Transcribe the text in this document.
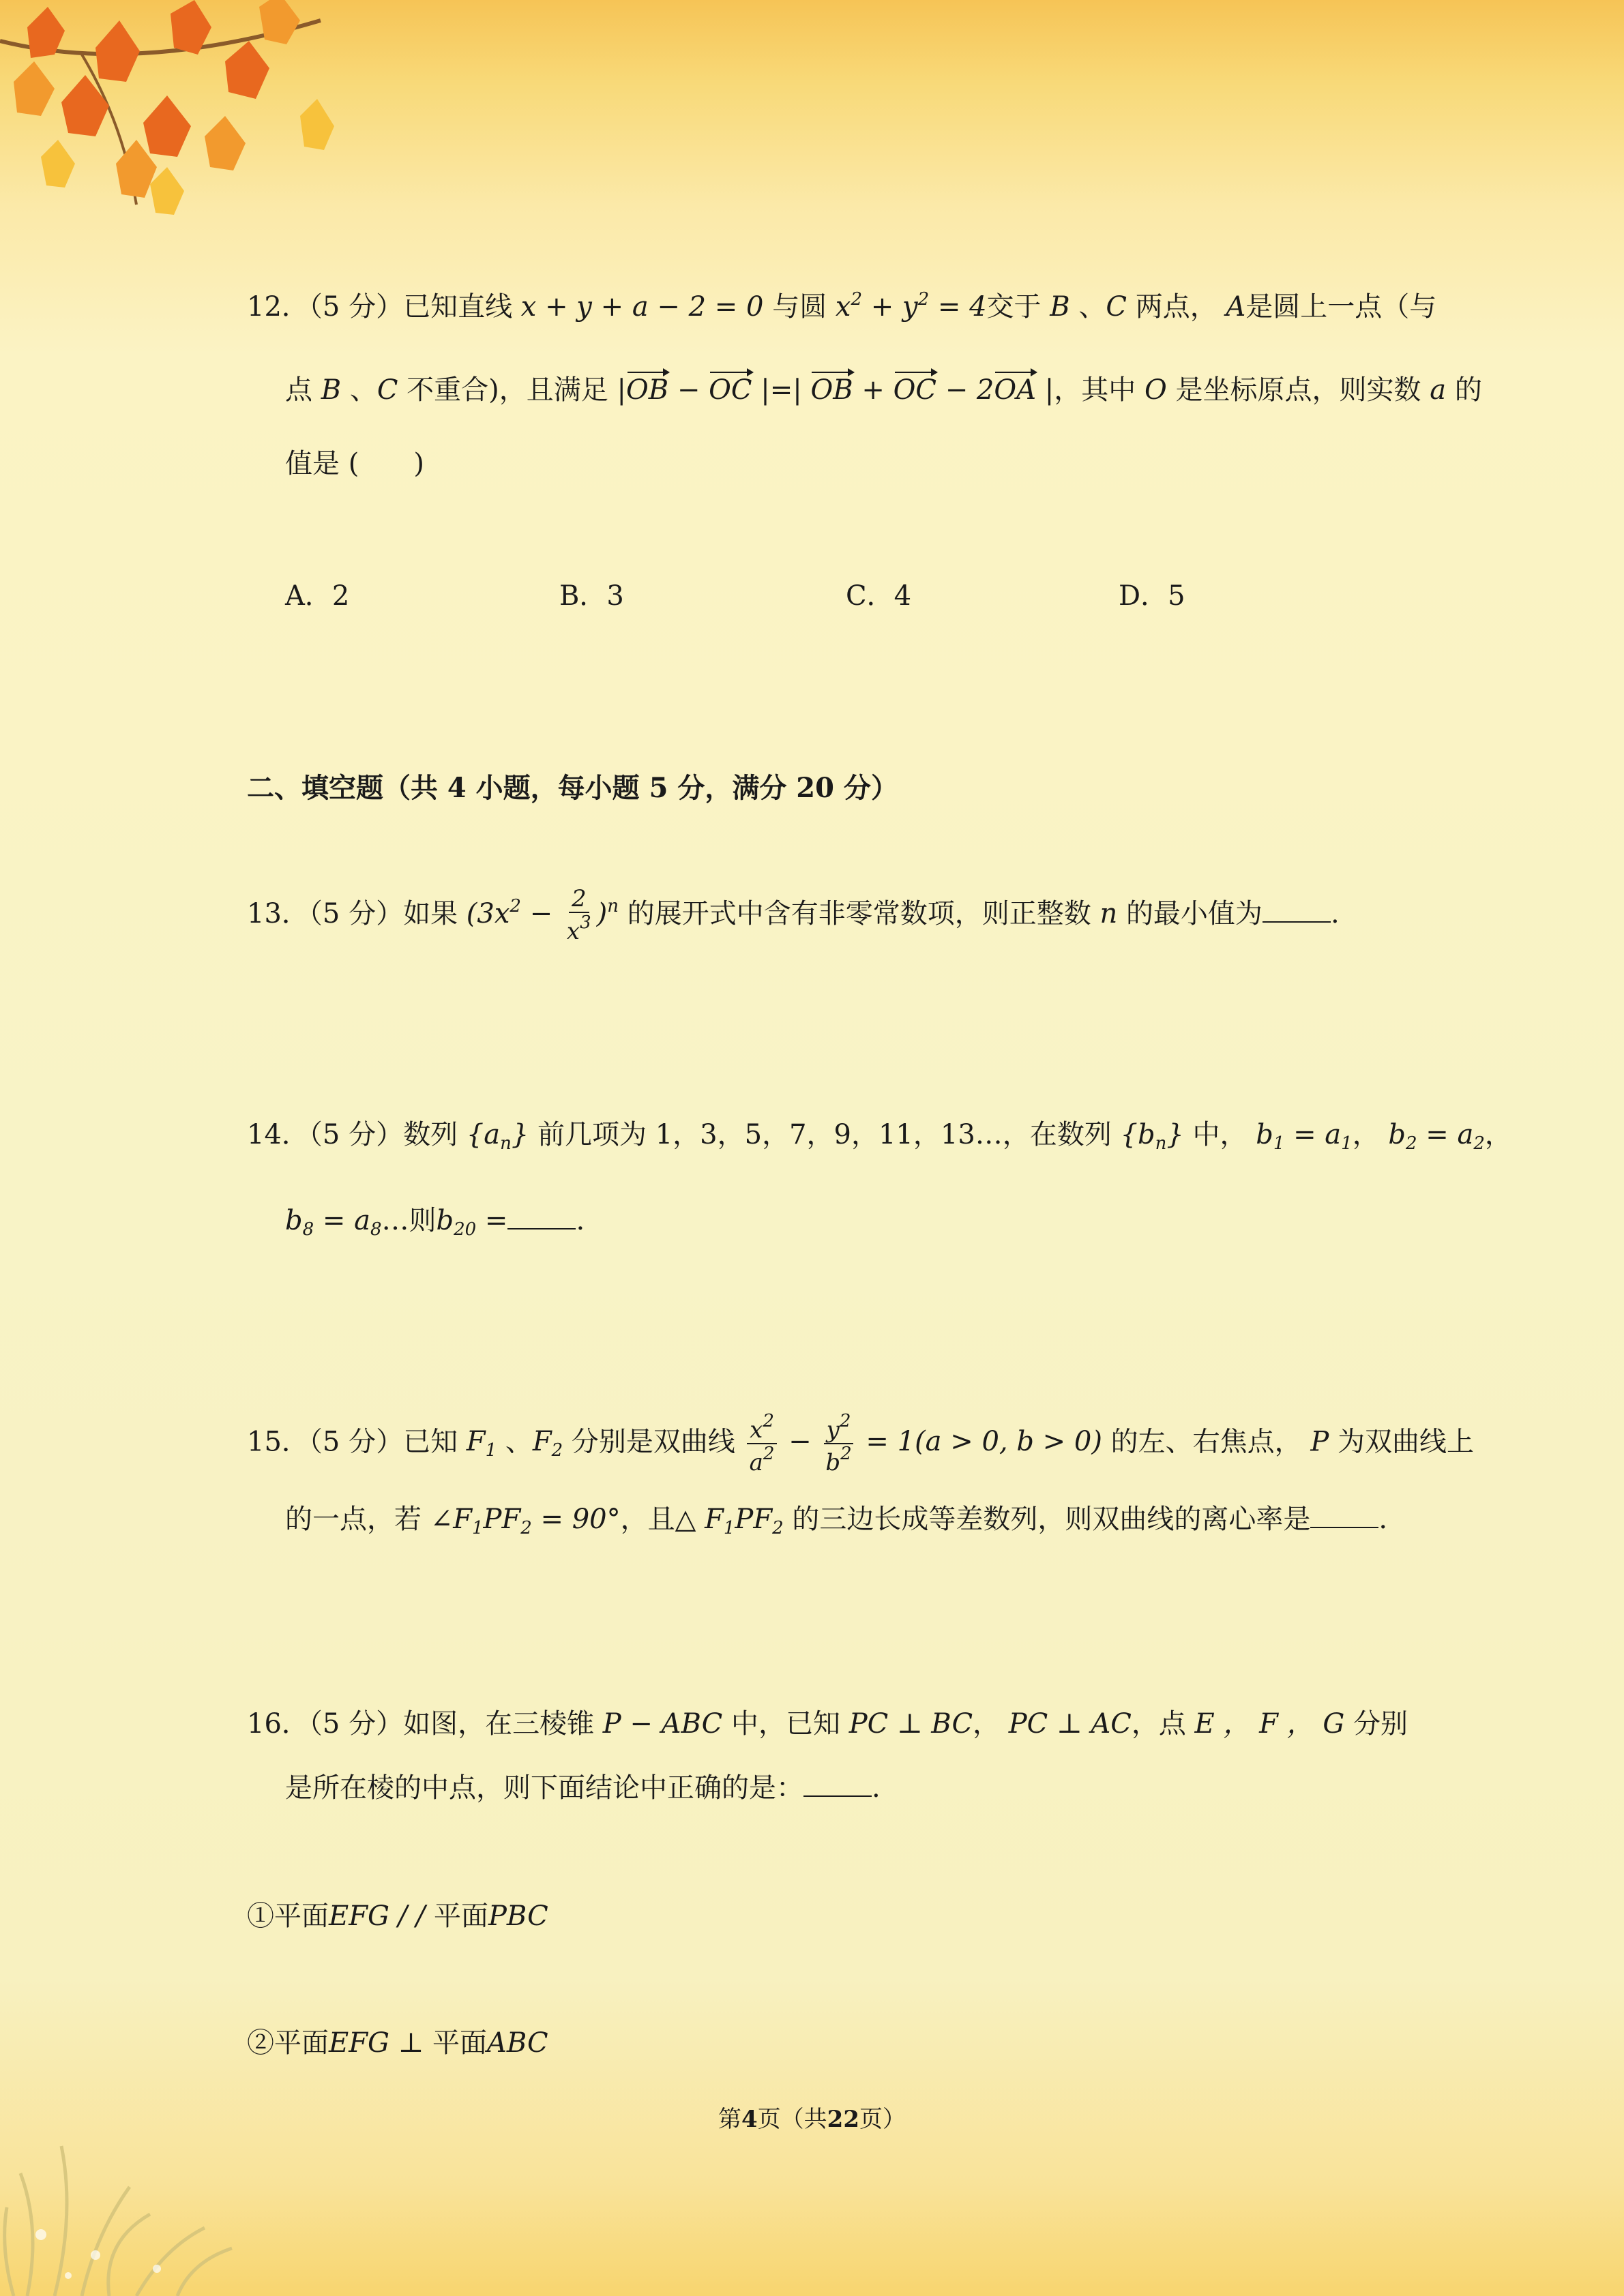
12．（5 分）已知直线 x + y + a − 2 = 0 与圆 $x^2 + y^2 = 4$交于 B 、C 两点， A是圆上一点（与
点 B 、C 不重合)，且满足 |OB − OC |=| OB + OC − 2OA |，其中 O 是坐标原点，则实数 a 的
值是 (　　)
A．2	B．3	C．4	D．5
二、填空题（共 4 小题，每小题 5 分，满分 20 分）
13．（5 分）如果 $(3x^2 - \frac{2}{x^3} )^n$ 的展开式中含有非零常数项，则正整数 n 的最小值为	.
14．（5 分）数列 $\{a_n\}$ 前几项为 1，3，5，7，9，11，13…，在数列 $\{b_n\}$ 中， $b_1 = a_1$， $b_2 = a_2$，
$b_8$ = $a_8\dots$则$b_{20}$ =	.
15．（5 分）已知 $F_1$ 、$F_2$ 分别是双曲线 $\frac{x^2}{a^2} - \frac{y^2}{b^2} = 1(a > 0$, b > 0) 的左、右焦点， P 为双曲线上
的一点，若 $\angle F_1PF_2 = 90^\circ$，且△ $F_1PF_2$ 的三边长成等差数列，则双曲线的离心率是	.
16．（5 分）如图，在三棱锥 P − ABC 中，已知 PC ⊥ BC， PC ⊥ AC，点 E ， F ， G 分别
是所在棱的中点，则下面结论中正确的是：	.
①平面EFG / / 平面PBC
②平面EFG ⊥ 平面ABC
第4页（共22页）
